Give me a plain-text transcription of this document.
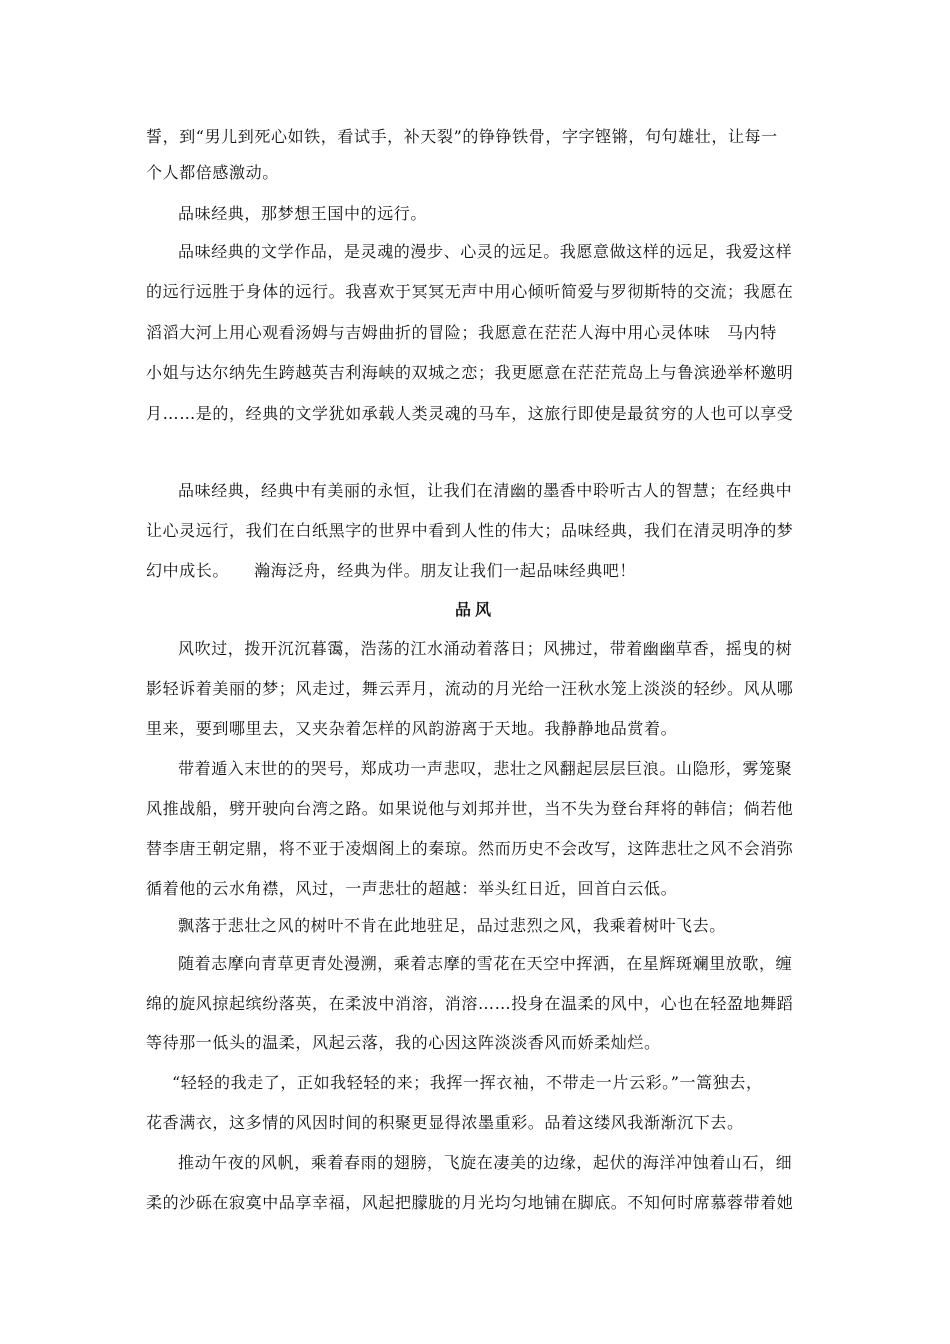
誓，到“男儿到死心如铁，看试手，补天裂”的铮铮铁骨，字字铿锵，句句雄壮，让每一
个人都倍感激动。
品味经典，那梦想王国中的远行。
品味经典的文学作品，是灵魂的漫步、心灵的远足。我愿意做这样的远足，我爱这样
的远行远胜于身体的远行。我喜欢于冥冥无声中用心倾听简爱与罗彻斯特的交流；我愿在
滔滔大河上用心观看汤姆与吉姆曲折的冒险；我愿意在茫茫人海中用心灵体味　马内特
小姐与达尔纳先生跨越英吉利海峡的双城之恋；我更愿意在茫茫荒岛上与鲁滨逊举杯邀明
月……是的，经典的文学犹如承载人类灵魂的马车，这旅行即使是最贫穷的人也可以享受
品味经典，经典中有美丽的永恒，让我们在清幽的墨香中聆听古人的智慧；在经典中
让心灵远行，我们在白纸黑字的世界中看到人性的伟大；品味经典，我们在清灵明净的梦
幻中成长。　　瀚海泛舟，经典为伴。朋友让我们一起品味经典吧！
品风
风吹过，拨开沉沉暮霭，浩荡的江水涌动着落日；风拂过，带着幽幽草香，摇曳的树
影轻诉着美丽的梦；风走过，舞云弄月，流动的月光给一汪秋水笼上淡淡的轻纱。风从哪
里来，要到哪里去，又夹杂着怎样的风韵游离于天地。我静静地品赏着。
带着遁入末世的的哭号，郑成功一声悲叹，悲壮之风翻起层层巨浪。山隐形，雾笼聚
风推战船，劈开驶向台湾之路。如果说他与刘邦并世，当不失为登台拜将的韩信；倘若他
替李唐王朝定鼎，将不亚于凌烟阁上的秦琼。然而历史不会改写，这阵悲壮之风不会消弥
循着他的云水角襟，风过，一声悲壮的超越：举头红日近，回首白云低。
飘落于悲壮之风的树叶不肯在此地驻足，品过悲烈之风，我乘着树叶飞去。
随着志摩向青草更青处漫溯，乘着志摩的雪花在天空中挥洒，在星辉斑斓里放歌，缠
绵的旋风掠起缤纷落英，在柔波中消溶，消溶……投身在温柔的风中，心也在轻盈地舞蹈
等待那一低头的温柔，风起云落，我的心因这阵淡淡香风而娇柔灿烂。
“轻轻的我走了，正如我轻轻的来；我挥一挥衣袖，不带走一片云彩。”一篙独去，
花香满衣，这多情的风因时间的积聚更显得浓墨重彩。品着这缕风我渐渐沉下去。
推动午夜的风帆，乘着春雨的翅膀，飞旋在凄美的边缘，起伏的海洋冲蚀着山石，细
柔的沙砾在寂寞中品享幸福，风起把朦胧的月光均匀地铺在脚底。不知何时席慕蓉带着她
